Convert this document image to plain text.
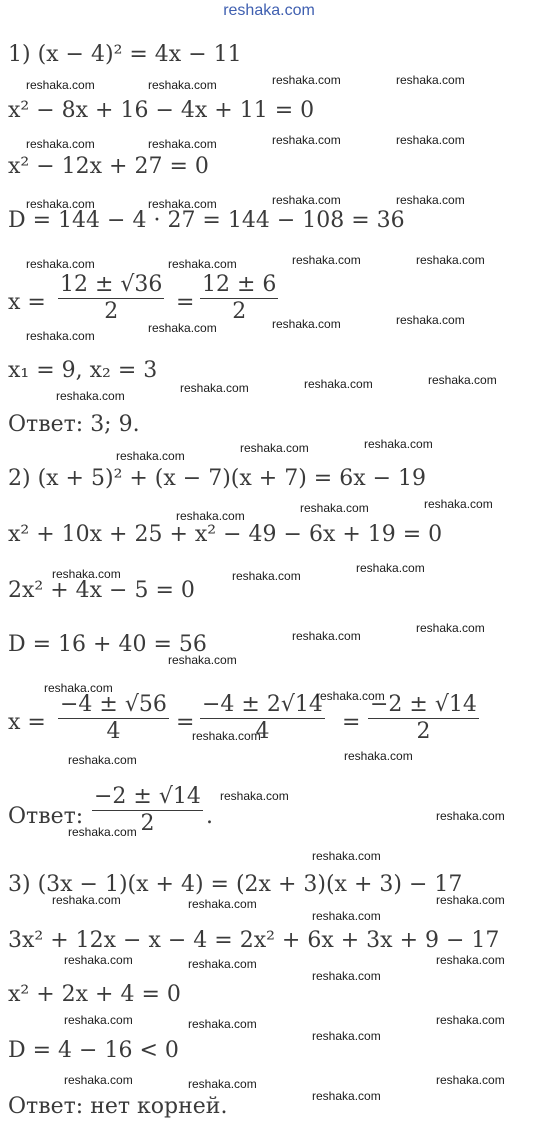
reshaka.com
1) (x − 4)² = 4x − 11
x² − 8x + 16 − 4x + 11 = 0
x² − 12x + 27 = 0
D = 144 − 4 · 27 = 144 − 108 = 36
$x = \frac{12 \pm √36}{2} = \frac{12 \pm 6}{2}$
x₁ = 9, x₂ = 3
Ответ: 3; 9.
2) (x + 5)² + (x − 7)(x + 7) = 6x − 19
x² + 10x + 25 + x² − 49 − 6x + 19 = 0
2x² + 4x − 5 = 0
D = 16 + 40 = 56
$x = \frac{-4 \pm √56}{4} = \frac{-4 \pm 2√14}{4} = \frac{-2 \pm √14}{2}$
Ответ: $\frac{-2 \pm √14}{2}$ .
3) (3x − 1)(x + 4) = (2x + 3)(x + 3) − 17
3x² + 12x − x − 4 = 2x² + 6x + 3x + 9 − 17
x² + 2x + 4 = 0
D = 4 − 16 < 0
Ответ: нет корней.
reshaka.com	reshaka.com	reshaka.com	reshaka.com
reshaka.com	reshaka.com	reshaka.com	reshaka.com
reshaka.com	reshaka.com	reshaka.com	reshaka.com
reshaka.com	reshaka.com	reshaka.com	reshaka.com
reshaka.com
reshaka.com	reshaka.com	reshaka.com
reshaka.com
reshaka.com	reshaka.com	reshaka.com
reshaka.com
reshaka.com	reshaka.com
reshaka.com
reshaka.com	reshaka.com
reshaka.com	reshaka.com
reshaka.com
reshaka.com
reshaka.com
reshaka.com
reshaka.com
reshaka.com
reshaka.com
reshaka.com	reshaka.com
reshaka.com
reshaka.com
reshaka.com
reshaka.com
reshaka.com	reshaka.com	reshaka.com
reshaka.com
reshaka.com	reshaka.com	reshaka.com
reshaka.com
reshaka.com	reshaka.com	reshaka.com
reshaka.com
reshaka.com	reshaka.com	reshaka.com
reshaka.com
